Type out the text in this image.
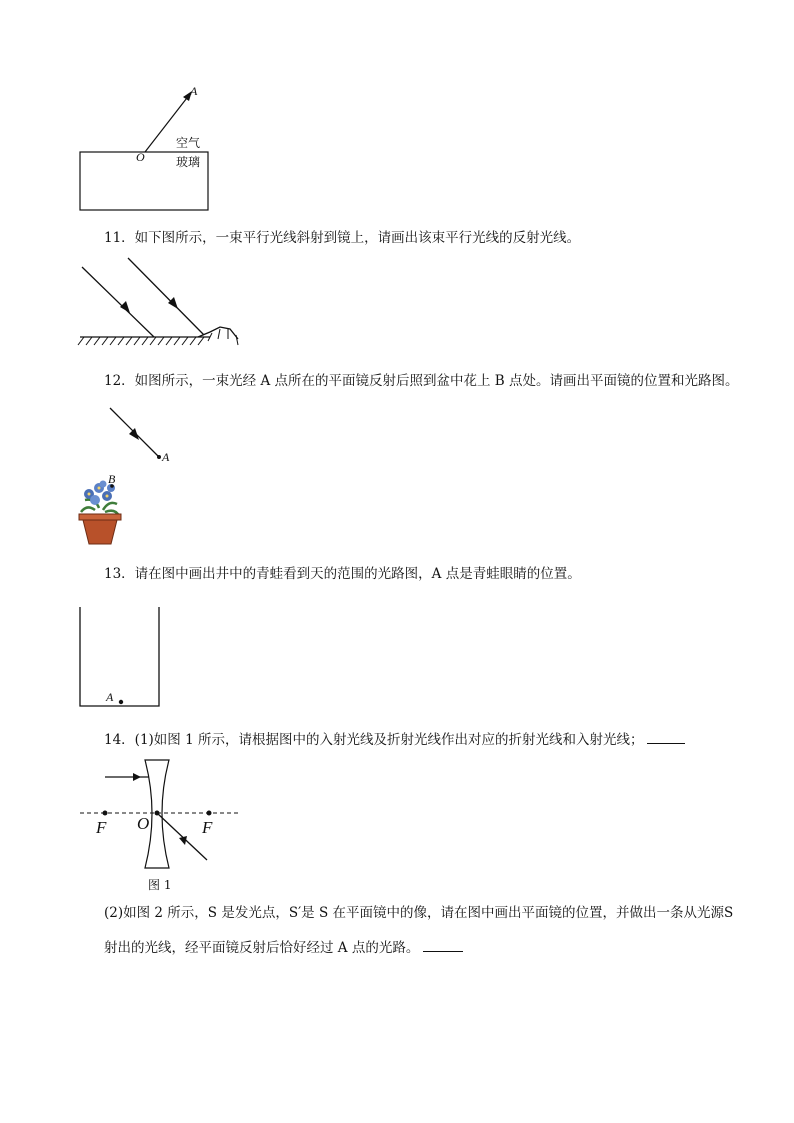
A
O
空气
玻璃
11．如下图所示，一束平行光线斜射到镜上，请画出该束平行光线的反射光线。
12．如图所示，一束光经 A 点所在的平面镜反射后照到盆中花上 B 点处。请画出平面镜的位置和光路图。
A
B
13．请在图中画出井中的青蛙看到天的范围的光路图，A 点是青蛙眼睛的位置。
A
14．(1)如图 1 所示，请根据图中的入射光线及折射光线作出对应的折射光线和入射光线；
F O	F
图 1
(2)如图 2 所示，S 是发光点，S′是 S 在平面镜中的像，请在图中画出平面镜的位置，并做出一条从光源S
射出的光线，经平面镜反射后恰好经过 A 点的光路。
